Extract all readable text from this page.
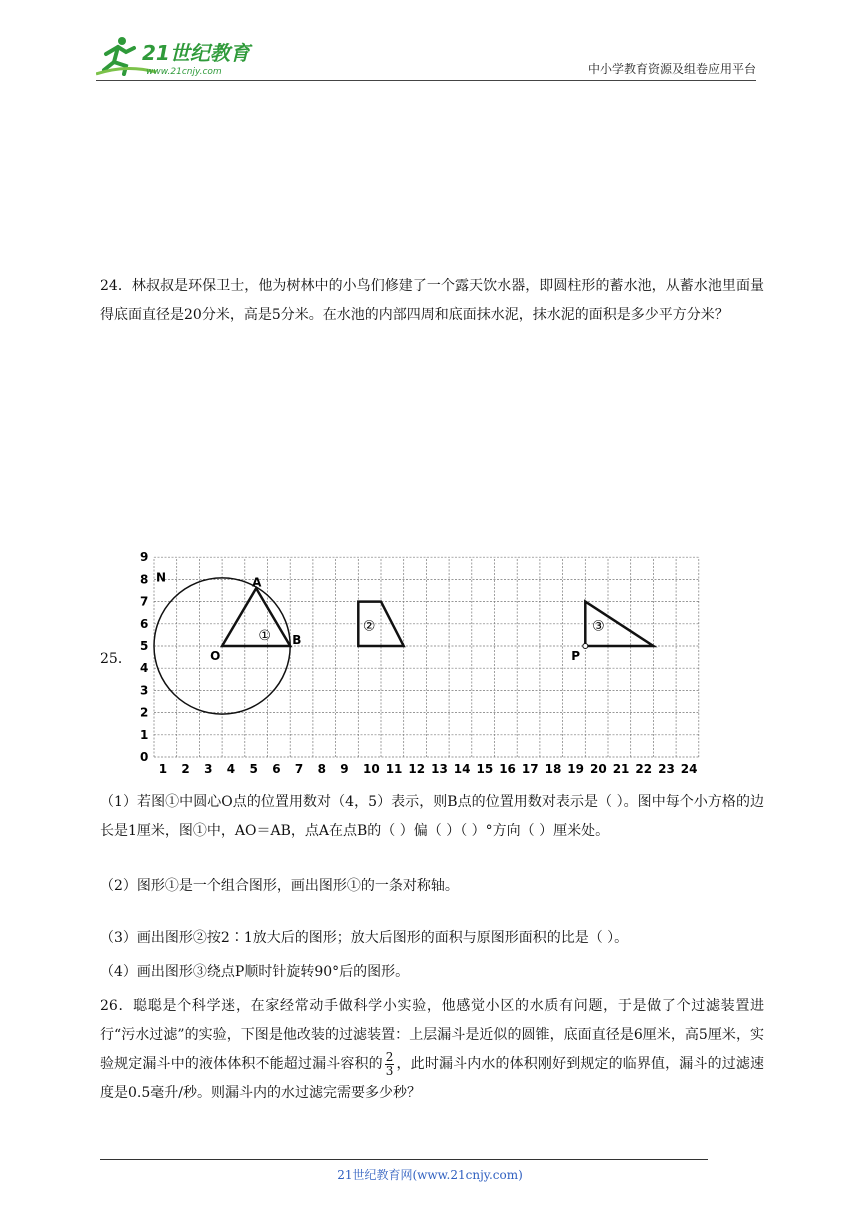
21世纪教育
www.21cnjy.com	中小学教育资源及组卷应用平台
24．林叔叔是环保卫士，他为树林中的小鸟们修建了一个露天饮水器，即圆柱形的蓄水池，从蓄水池里面量得底面直径是20分米，高是5分米。在水池的内部四周和底面抹水泥，抹水泥的面积是多少平方分米？
25．
1 2 3 4 5 6 7 8 9 10 11 12 13 14 15 16 17 18 19 20 21 22 23 24
0
1
2
3
4
5
6
7
8
9
N
O
A
B
P
①
②	③
（1）若图①中圆心O点的位置用数对（4，5）表示，则B点的位置用数对表示是（ ）。图中每个小方格的边长是1厘米，图①中，AO＝AB，点A在点B的（ ）偏（ ）（ ）°方向（ ）厘米处。
（2）图形①是一个组合图形，画出图形①的一条对称轴。
（3）画出图形②按2∶1放大后的图形；放大后图形的面积与原图形面积的比是（ ）。
（4）画出图形③绕点P顺时针旋转90°后的图形。
26．聪聪是个科学迷，在家经常动手做科学小实验，他感觉小区的水质有问题，于是做了个过滤装置进行“污水过滤”的实验，下图是他改装的过滤装置：上层漏斗是近似的圆锥，底面直径是6厘米，高5厘米，实验规定漏斗中的液体体积不能超过漏斗容积的 $\frac{2}{3}$ ，此时漏斗内水的体积刚好到规定的临界值，漏斗的过滤速度是0.5毫升/秒。则漏斗内的水过滤完需要多少秒？
21世纪教育网(www.21cnjy.com)
